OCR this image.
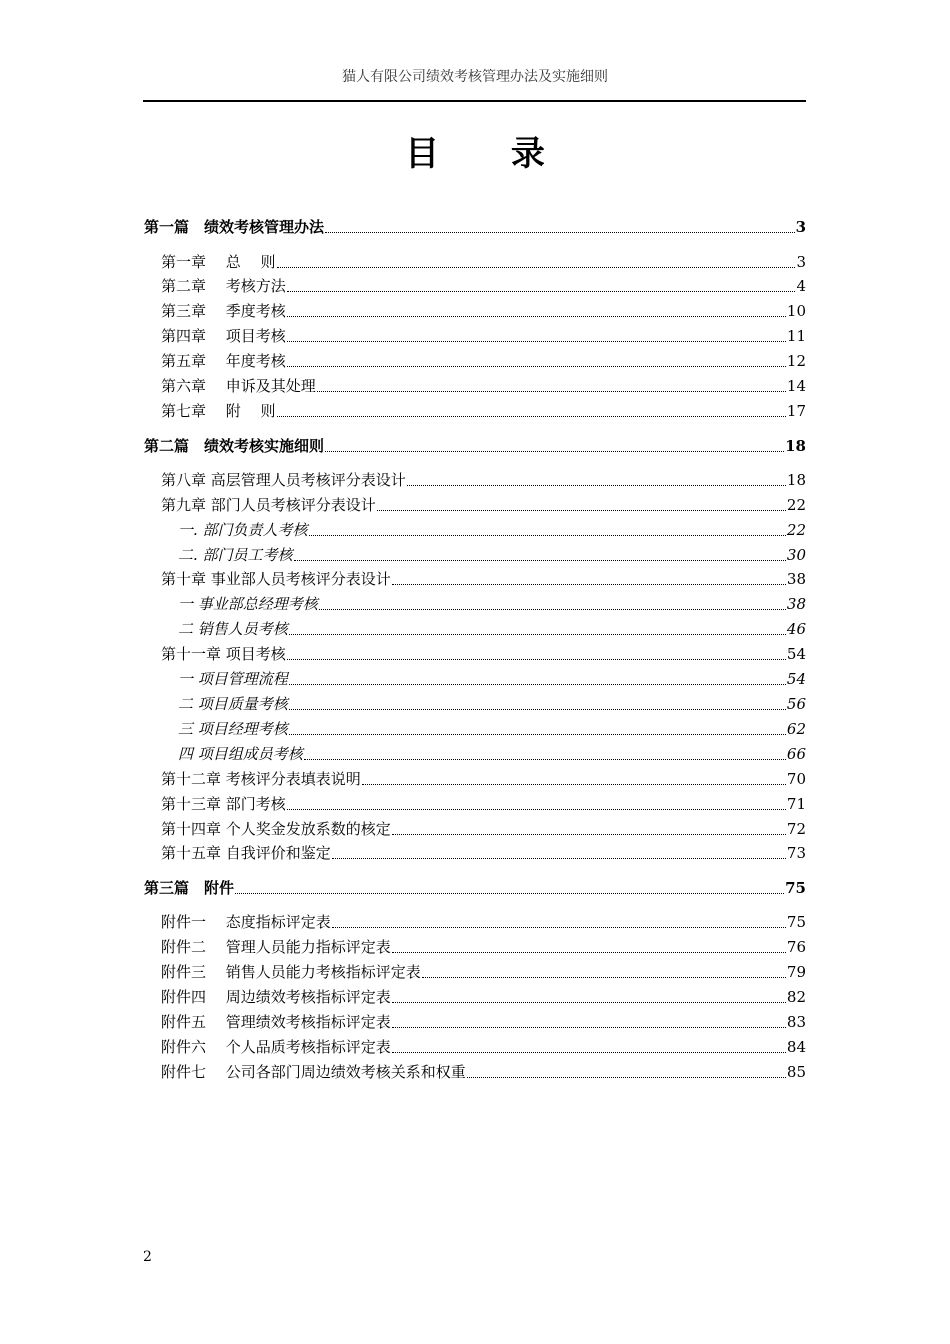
猫人有限公司绩效考核管理办法及实施细则
目 录
第一篇　绩效考核管理办法	3
第一章　 总　 则	3
第二章　 考核方法	4
第三章　 季度考核	10
第四章　 项目考核	11
第五章　 年度考核	12
第六章　 申诉及其处理	14
第七章　 附　 则	17
第二篇　绩效考核实施细则	18
第八章 高层管理人员考核评分表设计	18
第九章 部门人员考核评分表设计	22
一. 部门负责人考核	22
二. 部门员工考核	30
第十章 事业部人员考核评分表设计	38
一 事业部总经理考核	38
二 销售人员考核	46
第十一章 项目考核	54
一 项目管理流程	54
二 项目质量考核	56
三 项目经理考核	62
四 项目组成员考核	66
第十二章 考核评分表填表说明	70
第十三章 部门考核	71
第十四章 个人奖金发放系数的核定	72
第十五章 自我评价和鉴定	73
第三篇　附件	75
附件一　 态度指标评定表	75
附件二　 管理人员能力指标评定表	76
附件三　 销售人员能力考核指标评定表	79
附件四　 周边绩效考核指标评定表	82
附件五　 管理绩效考核指标评定表	83
附件六　 个人品质考核指标评定表	84
附件七　 公司各部门周边绩效考核关系和权重	85
2
